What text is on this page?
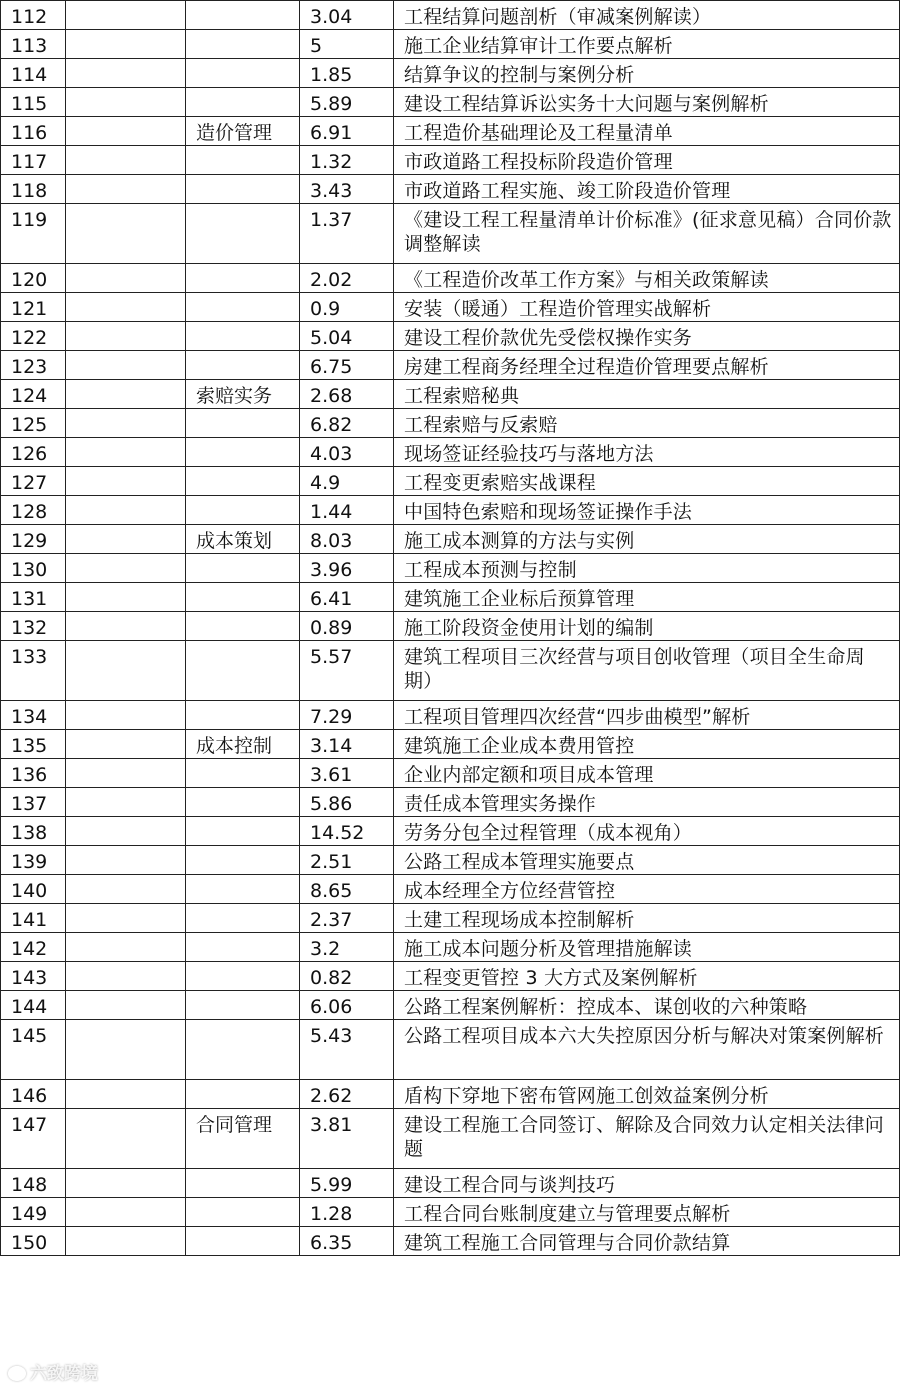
112			3.04	工程结算问题剖析（审减案例解读）
113			5	施工企业结算审计工作要点解析
114			1.85	结算争议的控制与案例分析
115			5.89	建设工程结算诉讼实务十大问题与案例解析
116		造价管理	6.91	工程造价基础理论及工程量清单
117			1.32	市政道路工程投标阶段造价管理
118			3.43	市政道路工程实施、竣工阶段造价管理
119			1.37	《建设工程工程量清单计价标准》(征求意见稿）合同价款调整解读
120			2.02	《工程造价改革工作方案》与相关政策解读
121			0.9	安装（暖通）工程造价管理实战解析
122			5.04	建设工程价款优先受偿权操作实务
123			6.75	房建工程商务经理全过程造价管理要点解析
124		索赔实务	2.68	工程索赔秘典
125			6.82	工程索赔与反索赔
126			4.03	现场签证经验技巧与落地方法
127			4.9	工程变更索赔实战课程
128			1.44	中国特色索赔和现场签证操作手法
129		成本策划	8.03	施工成本测算的方法与实例
130			3.96	工程成本预测与控制
131			6.41	建筑施工企业标后预算管理
132			0.89	施工阶段资金使用计划的编制
133			5.57	建筑工程项目三次经营与项目创收管理（项目全生命周期）
134			7.29	工程项目管理四次经营“四步曲模型”解析
135		成本控制	3.14	建筑施工企业成本费用管控
136			3.61	企业内部定额和项目成本管理
137			5.86	责任成本管理实务操作
138			14.52	劳务分包全过程管理（成本视角）
139			2.51	公路工程成本管理实施要点
140			8.65	成本经理全方位经营管控
141			2.37	土建工程现场成本控制解析
142			3.2	施工成本问题分析及管理措施解读
143			0.82	工程变更管控 3 大方式及案例解析
144			6.06	公路工程案例解析：控成本、谋创收的六种策略
145			5.43	公路工程项目成本六大失控原因分析与解决对策案例解析
146			2.62	盾构下穿地下密布管网施工创效益案例分析
147		合同管理	3.81	建设工程施工合同签订、解除及合同效力认定相关法律问题
148			5.99	建设工程合同与谈判技巧
149			1.28	工程合同台账制度建立与管理要点解析
150			6.35	建筑工程施工合同管理与合同价款结算
六致跨境
